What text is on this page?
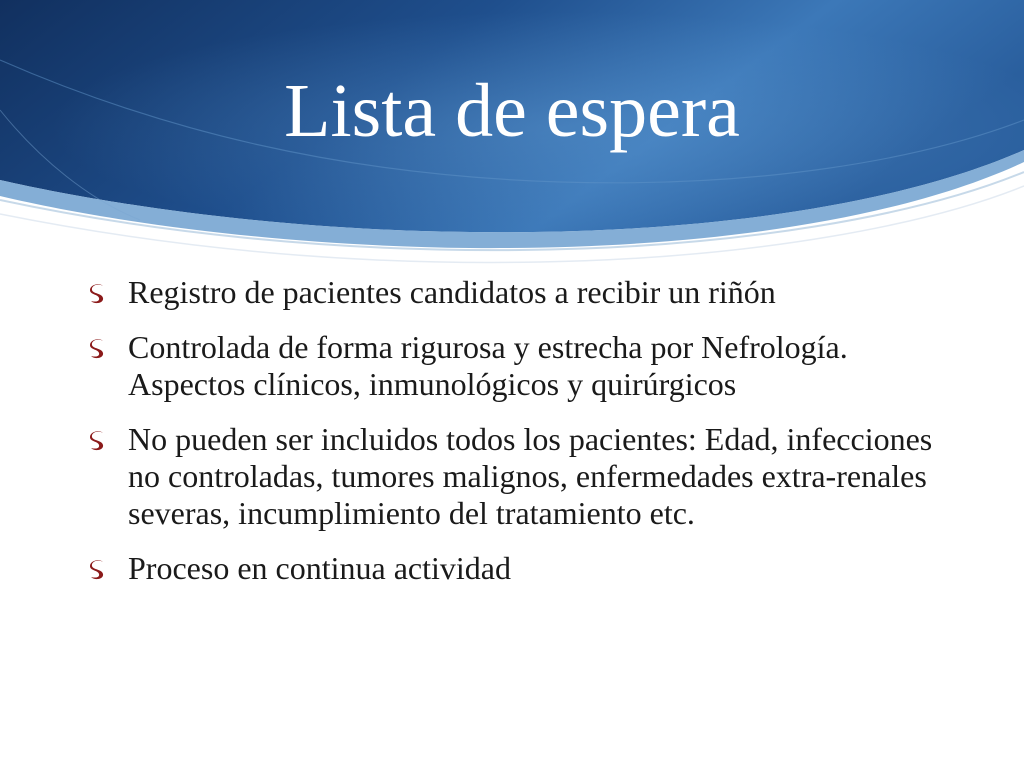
Lista de espera
Registro de pacientes candidatos a recibir un riñón
Controlada de forma rigurosa y estrecha por Nefrología. Aspectos clínicos, inmunológicos y quirúrgicos
No pueden ser incluidos todos los pacientes: Edad, infecciones no controladas, tumores malignos, enfermedades extra-renales severas, incumplimiento del tratamiento etc.
Proceso en continua actividad
